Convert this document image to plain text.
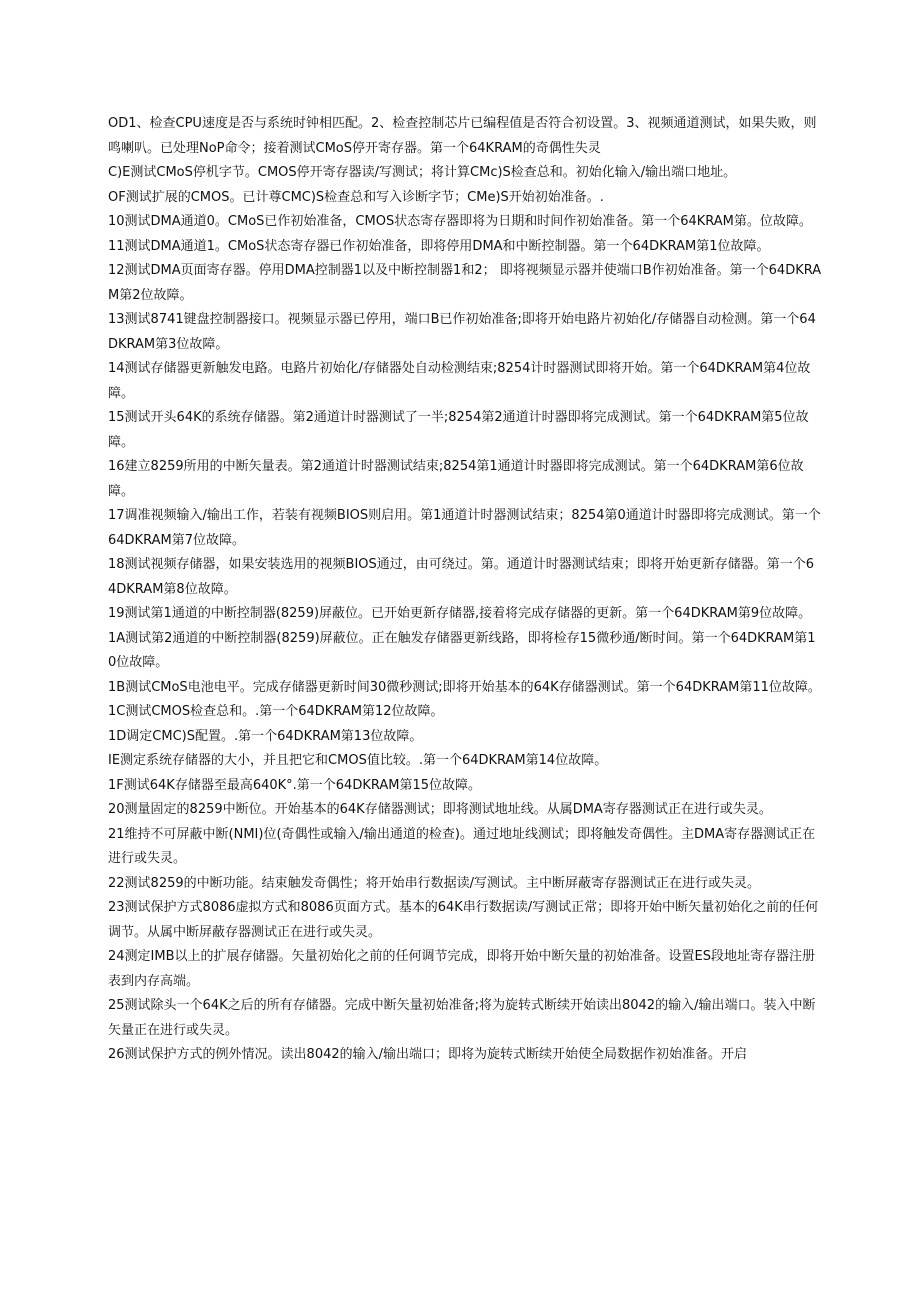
OD1、检查CPU速度是否与系统时钟相匹配。2、检查控制芯片已编程值是否符合初设置。3、视频通道测试，如果失败，则鸣喇叭。已处理NoP命令；接着测试CMoS停开寄存器。第一个64KRAM的奇偶性失灵

C)E测试CMoS停机字节。CMOS停开寄存器读/写测试；将计算CMc)S检查总和。初始化输入/输出端口地址。

OF测试扩展的CMOS。已计尊CMC)S检查总和写入诊断字节；CMe)S开始初始准备。.

10测试DMA通道0。CMoS已作初始准备，CMOS状态寄存器即将为日期和时间作初始准备。第一个64KRAM第。位故障。

11测试DMA通道1。CMoS状态寄存器已作初始准备，即将停用DMA和中断控制器。第一个64DKRAM第1位故障。

12测试DMA页面寄存器。停用DMA控制器1以及中断控制器1和2； 即将视频显示器并使端口B作初始准备。第一个64DKRAM第2位故障。

13测试8741键盘控制器接口。视频显示器已停用，端口B已作初始准备;即将开始电路片初始化/存储器自动检测。第一个64DKRAM第3位故障。

14测试存储器更新触发电路。电路片初始化/存储器处自动检测结束;8254计时器测试即将开始。第一个64DKRAM第4位故障。

15测试开头64K的系统存储器。第2通道计时器测试了一半;8254第2通道计时器即将完成测试。第一个64DKRAM第5位故障。

16建立8259所用的中断矢量表。第2通道计时器测试结束;8254第1通道计时器即将完成测试。第一个64DKRAM第6位故障。

17调准视频输入/输出工作，若装有视频BIOS则启用。第1通道计时器测试结束；8254第0通道计时器即将完成测试。第一个64DKRAM第7位故障。

18测试视频存储器，如果安装选用的视频BIOS通过，由可绕过。第。通道计时器测试结束；即将开始更新存储器。第一个64DKRAM第8位故障。

19测试第1通道的中断控制器(8259)屏蔽位。已开始更新存储器,接着将完成存储器的更新。第一个64DKRAM第9位故障。

1A测试第2通道的中断控制器(8259)屏蔽位。正在触发存储器更新线路，即将检存15微秒通/断时间。第一个64DKRAM第10位故障。

1B测试CMoS电池电平。完成存储器更新时间30微秒测试;即将开始基本的64K存储器测试。第一个64DKRAM第11位故障。

1C测试CMOS检查总和。.第一个64DKRAM第12位故障。

1D调定CMC)S配置。.第一个64DKRAM第13位故障。

IE测定系统存储器的大小，并且把它和CMOS值比较。.第一个64DKRAM第14位故障。

1F测试64K存储器至最高640K°.第一个64DKRAM第15位故障。

20测量固定的8259中断位。开始基本的64K存储器测试；即将测试地址线。从属DMA寄存器测试正在进行或失灵。

21维持不可屏蔽中断(NMI)位(奇偶性或输入/输出通道的检查)。通过地址线测试；即将触发奇偶性。主DMA寄存器测试正在进行或失灵。

22测试8259的中断功能。结束触发奇偶性；将开始串行数据读/写测试。主中断屏蔽寄存器测试正在进行或失灵。

23测试保护方式8086虚拟方式和8086页面方式。基本的64K串行数据读/写测试正常；即将开始中断矢量初始化之前的任何调节。从属中断屏蔽存器测试正在进行或失灵。

24测定IMB以上的扩展存储器。矢量初始化之前的任何调节完成，即将开始中断矢量的初始准备。设置ES段地址寄存器注册表到内存高端。

25测试除头一个64K之后的所有存储器。完成中断矢量初始准备;将为旋转式断续开始读出8042的输入/输出端口。装入中断矢量正在进行或失灵。

26测试保护方式的例外情况。读出8042的输入/输出端口；即将为旋转式断续开始使全局数据作初始准备。开启
